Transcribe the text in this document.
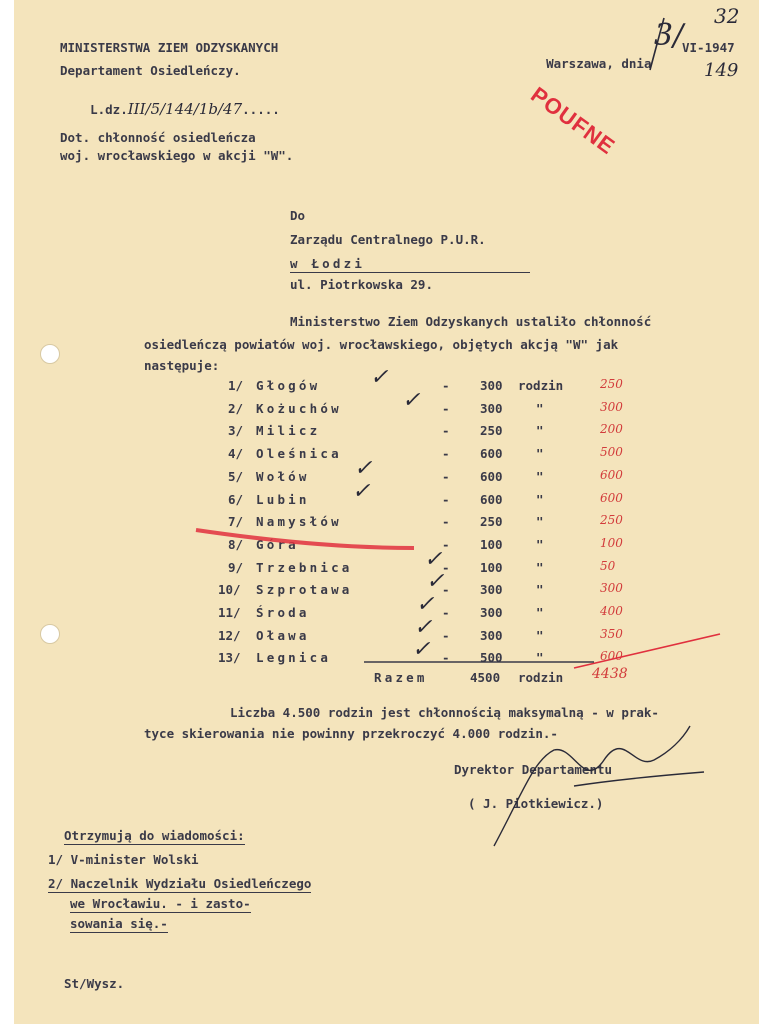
MINISTERSTWA ZIEM ODZYSKANYCH
Departament Osiedleńczy.

L.dz.III/5/144/1b/47.....

Warszawa, dnia

3/
VI-1947
32
149
POUFNE
Dot. chłonność osiedleńcza
woj. wrocławskiego w akcji "W".
Do
Zarządu Centralnego P.U.R.
w Łodzi
ul. Piotrkowska 29.
Ministerstwo Ziem Odzyskanych ustaliło chłonność
osiedleńczą powiatów woj. wrocławskiego, objętych akcją "W" jak
następuje:
1/ Głogów	- 300 rodzin	250
✓
2/ Kożuchów	- 300	"	300
✓
3/ Milicz	- 250	"	200
4/ Oleśnica	- 600	"	500
5/ Wołów	- 600	"	600
✓
6/ Lubin	- 600	"	600
✓
7/ Namysłów	- 250	"	250
8/ Góra	- 100	"	100
9/ Trzebnica	- 100	"	50
✓
10/ Szprotawa	- 300	"	300
✓
11/ Środa	- 300	"	400
✓
12/ Oława	- 300	"	350
✓
13/ Legnica	- 500	"	600
✓
Razem	4500 rodzin 4438
Liczba 4.500 rodzin jest chłonnością maksymalną - w prak-
tyce skierowania nie powinny przekroczyć 4.000 rodzin.-
Dyrektor Departamentu
( J. Piotkiewicz.)
Otrzymują do wiadomości:
1/ V-minister Wolski
2/ Naczelnik Wydziału Osiedleńczego
we Wrocławiu. - i zasto-
sowania się.-
St/Wysz.
